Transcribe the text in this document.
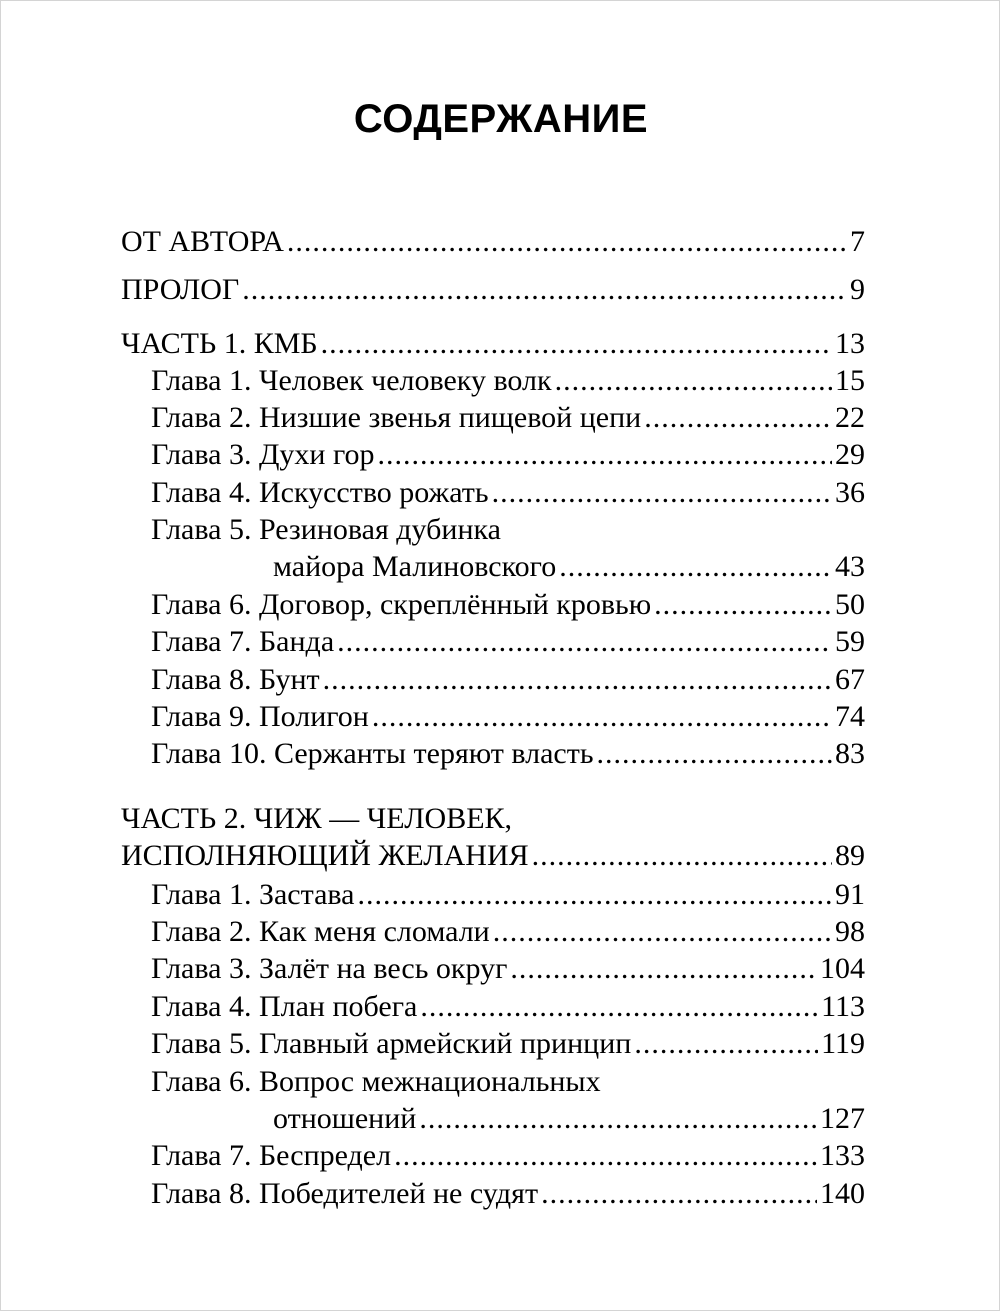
СОДЕРЖАНИЕ
ОТ АВТОРА .....	7
ПРОЛОГ .....	9
ЧАСТЬ 1. КМБ .....	13
Глава 1. Человек человеку волк .....	15
Глава 2. Низшие звенья пищевой цепи .....	22
Глава 3. Духи гор .....	29
Глава 4. Искусство рожать .....	36
Глава 5. Резиновая дубинка
майора Малиновского .....	43
Глава 6. Договор, скреплённый кровью .....	50
Глава 7. Банда .....	59
Глава 8. Бунт .....	67
Глава 9. Полигон .....	74
Глава 10. Сержанты теряют власть .....	83
ЧАСТЬ 2. ЧИЖ — ЧЕЛОВЕК,
ИСПОЛНЯЮЩИЙ ЖЕЛАНИЯ .....	89
Глава 1. Застава .....	91
Глава 2. Как меня сломали .....	98
Глава 3. Залёт на весь округ .....	104
Глава 4. План побега .....	113
Глава 5. Главный армейский принцип .....	119
Глава 6. Вопрос межнациональных
отношений .....	127
Глава 7. Беспредел .....	133
Глава 8. Победителей не судят .....	140
